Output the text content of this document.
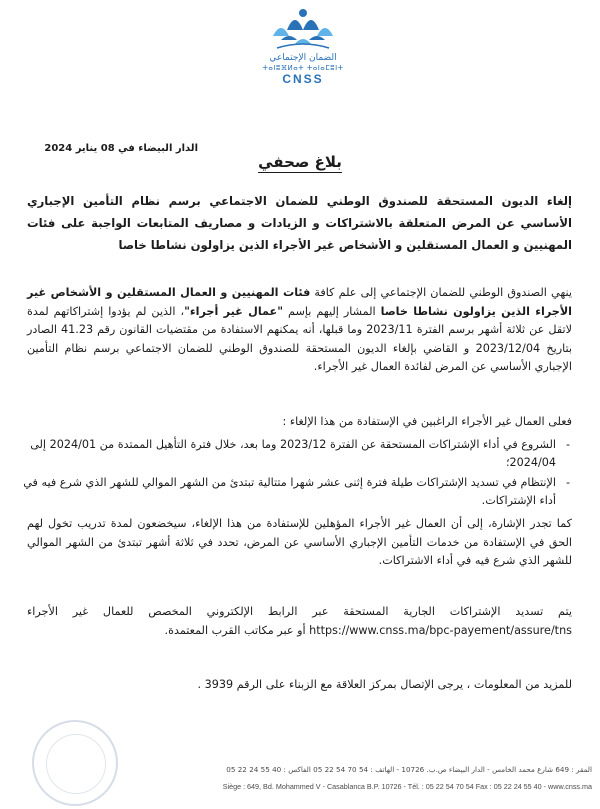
الضمان الإجتماعي
ⵜⴰⵏⵓⴼⵍⴰⵜ ⵜⴰⵏⴰⵎⵓⵏⵜ
CNSS
الدار البيضاء في 08 يناير 2024
بلاغ صحفي
إلغاء الديون المستحقة للصندوق الوطني للضمان الاجتماعي برسم نظام التأمين الإجباري الأساسي عن المرض المتعلقة بالاشتراكات و الزيادات و مصاريف المتابعات الواجبة على فئات المهنيين و العمال المستقلين و الأشخاص غير الأجراء الذين يزاولون نشاطا خاصا
ينهي الصندوق الوطني للضمان الإجتماعي إلى علم كافة فئات المهنيين و العمال المستقلين و الأشخاص غير الأجراء الذين يزاولون نشاطا خاصا المشار إليهم بإسم "عمال غير أجراء"، الذين لم يؤدوا إشتراكاتهم لمدة لاتقل عن ثلاثة أشهر برسم الفترة 2023/11 وما قبلها، أنه يمكنهم الاستفادة من مقتضيات القانون رقم 41.23 الصادر بتاريخ 2023/12/04 و القاضي بإلغاء الديون المستحقة للصندوق الوطني للضمان الاجتماعي برسم نظام التأمين الإجباري الأساسي عن المرض لفائدة العمال غير الأجراء.
فعلى العمال غير الأجراء الراغبين في الإستفادة من هذا الإلغاء :
- الشروع في أداء الإشتراكات المستحقة عن الفترة 2023/12 وما بعد، خلال فترة التأهيل الممتدة من 2024/01 إلى 2024/04؛
- الإنتظام في تسديد الإشتراكات طيلة فترة إثنى عشر شهرا متتالية تبتدئ من الشهر الموالي للشهر الذي شرع فيه في أداء الإشتراكات.
كما تجدر الإشارة، إلى أن العمال غير الأجراء المؤهلين للإستفادة من هذا الإلغاء، سيخضعون لمدة تدريب تخول لهم الحق في الإستفادة من خدمات التأمين الإجباري الأساسي عن المرض، تحدد في ثلاثة أشهر تبتدئ من الشهر الموالي للشهر الذي شرع فيه في أداء الاشتراكات.
يتم تسديد الإشتراكات الجارية المستحقة عبر الرابط الإلكتروني المخصص للعمال غير الأجراء https://www.cnss.ma/bpc-payement/assure/tns أو عبر مكاتب القرب المعتمدة.
للمزيد من المعلومات ، يرجى الإتصال بمركز العلاقة مع الزبناء على الرقم 3939 .
المقر : 649 شارع محمد الخامس - الدار البيضاء ص.ب. 10726 - الهاتف : 54 70 54 22 05 الفاكس : 40 55 24 22 05
Siège : 649, Bd. Mohammed V - Casablanca B.P. 10726 - Tél. : 05 22 54 70 54 Fax : 05 22 24 55 40 - www.cnss.ma
